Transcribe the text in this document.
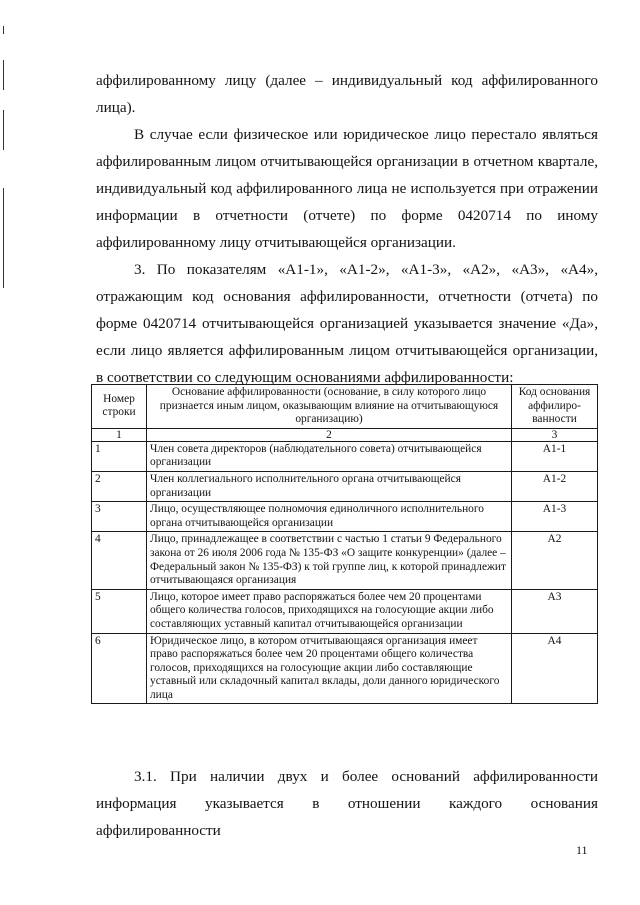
аффилированному лицу (далее – индивидуальный код аффилированного лица).

В случае если физическое или юридическое лицо перестало являться аффилированным лицом отчитывающейся организации в отчетном квартале, индивидуальный код аффилированного лица не используется при отражении информации в отчетности (отчете) по форме 0420714 по иному аффилированному лицу отчитывающейся организации.

3. По показателям «А1-1», «А1-2», «А1-3», «А2», «А3», «А4», отражающим код основания аффилированности, отчетности (отчета) по форме 0420714 отчитывающейся организацией указывается значение «Да», если лицо является аффилированным лицом отчитывающейся организации, в соответствии со следующим основаниями аффилированности:

Номер строки	Основание аффилированности (основание, в силу которого лицо признается иным лицом, оказывающим влияние на отчитывающуюся организацию)	Код основания аффилиро-ванности
1	2	3
1	Член совета директоров (наблюдательного совета) отчитывающейся организации	А1-1
2	Член коллегиального исполнительного органа отчитывающейся организации	А1-2
3	Лицо, осуществляющее полномочия единоличного исполнительного органа отчитывающейся организации	А1-3
4	Лицо, принадлежащее в соответствии с частью 1 статьи 9 Федерального закона от 26 июля 2006 года № 135-ФЗ «О защите конкуренции» (далее – Федеральный закон № 135-ФЗ) к той группе лиц, к которой принадлежит отчитывающаяся организация	А2
5	Лицо, которое имеет право распоряжаться более чем 20 процентами общего количества голосов, приходящихся на голосующие акции либо составляющих уставный капитал отчитывающейся организации	А3
6	Юридическое лицо, в котором отчитывающаяся организация имеет право распоряжаться более чем 20 процентами общего количества голосов, приходящихся на голосующие акции либо составляющие уставный или складочный капитал вклады, доли данного юридического лица	А4

3.1. При наличии двух и более оснований аффилированности информация указывается в отношении каждого основания аффилированности

11
